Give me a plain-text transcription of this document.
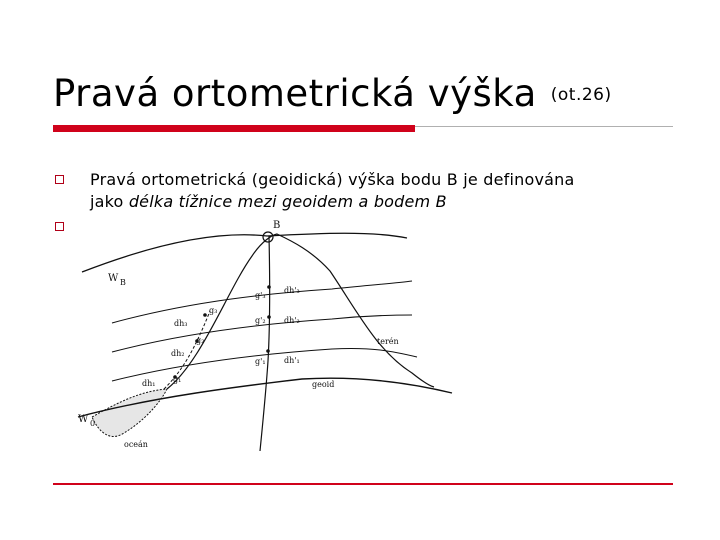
Pravá ortometrická výška (ot.26)
Pravá ortometrická (geoidická) výška bodu B je definována
jako délka tížnice mezi geoidem a bodem B
B
W B
W 0
terén
geoid
oceán
dh'₃
dh'₂
dh'₁
g'₃
g'₂
g'₁
dh₃
dh₂
dh₁
g₃
g₂
g₁
